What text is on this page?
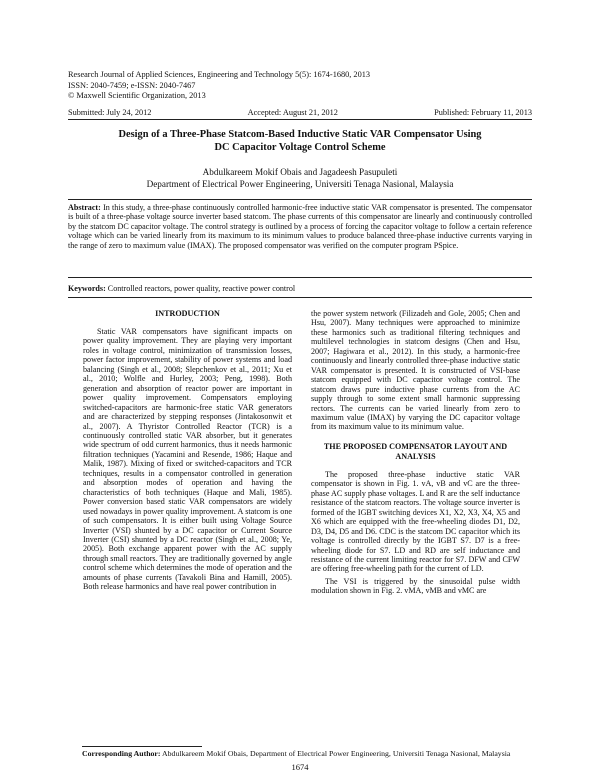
Research Journal of Applied Sciences, Engineering and Technology 5(5): 1674-1680, 2013
ISSN: 2040-7459; e-ISSN: 2040-7467
© Maxwell Scientific Organization, 2013
Submitted: July 24, 2012	Accepted: August 21, 2012	Published: February 11, 2013
Design of a Three-Phase Statcom-Based Inductive Static VAR Compensator Using
DC Capacitor Voltage Control Scheme
Abdulkareem Mokif Obais and Jagadeesh Pasupuleti
Department of Electrical Power Engineering, Universiti Tenaga Nasional, Malaysia
Abstract: In this study, a three-phase continuously controlled harmonic-free inductive static VAR compensator is presented. The compensator is built of a three-phase voltage source inverter based statcom. The phase currents of this compensator are linearly and continuously controlled by the statcom DC capacitor voltage. The control strategy is outlined by a process of forcing the capacitor voltage to follow a certain reference voltage which can be varied linearly from its maximum to its minimum values to produce balanced three-phase inductive currents varying in the range of zero to maximum value (IMAX). The proposed compensator was verified on the computer program PSpice.
Keywords: Controlled reactors, power quality, reactive power control
INTRODUCTION

Static VAR compensators have significant impacts on power quality improvement. They are playing very important roles in voltage control, minimization of transmission losses, power factor improvement, stability of power systems and load balancing (Singh et al., 2008; Slepchenkov et al., 2011; Xu et al., 2010; Wolfle and Hurley, 2003; Peng, 1998). Both generation and absorption of reactor power are important in power quality improvement. Compensators employing switched-capacitors are harmonic-free static VAR generators and are characterized by stepping responses (Jintakosonwit et al., 2007). A Thyristor Controlled Reactor (TCR) is a continuously controlled static VAR absorber, but it generates wide spectrum of odd current harmonics, thus it needs harmonic filtration techniques (Yacamini and Resende, 1986; Haque and Malik, 1987). Mixing of fixed or switched-capacitors and TCR techniques, results in a compensator controlled in generation and absorption modes of operation and having the characteristics of both techniques (Haque and Mali, 1985). Power conversion based static VAR compensators are widely used nowadays in power quality improvement. A statcom is one of such compensators. It is either built using Voltage Source Inverter (VSI) shunted by a DC capacitor or Current Source Inverter (CSI) shunted by a DC reactor (Singh et al., 2008; Ye, 2005). Both exchange apparent power with the AC supply through small reactors. They are traditionally governed by angle control scheme which determines the mode of operation and the amounts of phase currents (Tavakoli Bina and Hamill, 2005). Both release harmonics and have real power contribution in

the power system network (Filizadeh and Gole, 2005; Chen and Hsu, 2007). Many techniques were approached to minimize these harmonics such as traditional filtering techniques and multilevel technologies in statcom designs (Chen and Hsu, 2007; Hagiwara et al., 2012). In this study, a harmonic-free continuously and linearly controlled three-phase inductive static VAR compensator is presented. It is constructed of VSI-base statcom equipped with DC capacitor voltage control. The statcom draws pure inductive phase currents from the AC supply through to some extent small harmonic suppressing rectors. The currents can be varied linearly from zero to maximum value (IMAX) by varying the DC capacitor voltage from its maximum value to its minimum value.

THE PROPOSED COMPENSATOR LAYOUT AND ANALYSIS

The proposed three-phase inductive static VAR compensator is shown in Fig. 1. vA, vB and vC are the three-phase AC supply phase voltages. L and R are the self inductance resistance of the statcom reactors. The voltage source inverter is formed of the IGBT switching devices X1, X2, X3, X4, X5 and X6 which are equipped with the free-wheeling diodes D1, D2, D3, D4, D5 and D6. CDC is the statcom DC capacitor which its voltage is controlled directly by the IGBT S7. D7 is a free-wheeling diode for S7. LD and RD are self inductance and resistance of the current limiting reactor for S7. DFW and CFW are offering free-wheeling path for the current of LD.

The VSI is triggered by the sinusoidal pulse width modulation shown in Fig. 2. vMA, vMB and vMC are

Corresponding Author: Abdulkareem Mokif Obais, Department of Electrical Power Engineering, Universiti Tenaga Nasional, Malaysia
1674
